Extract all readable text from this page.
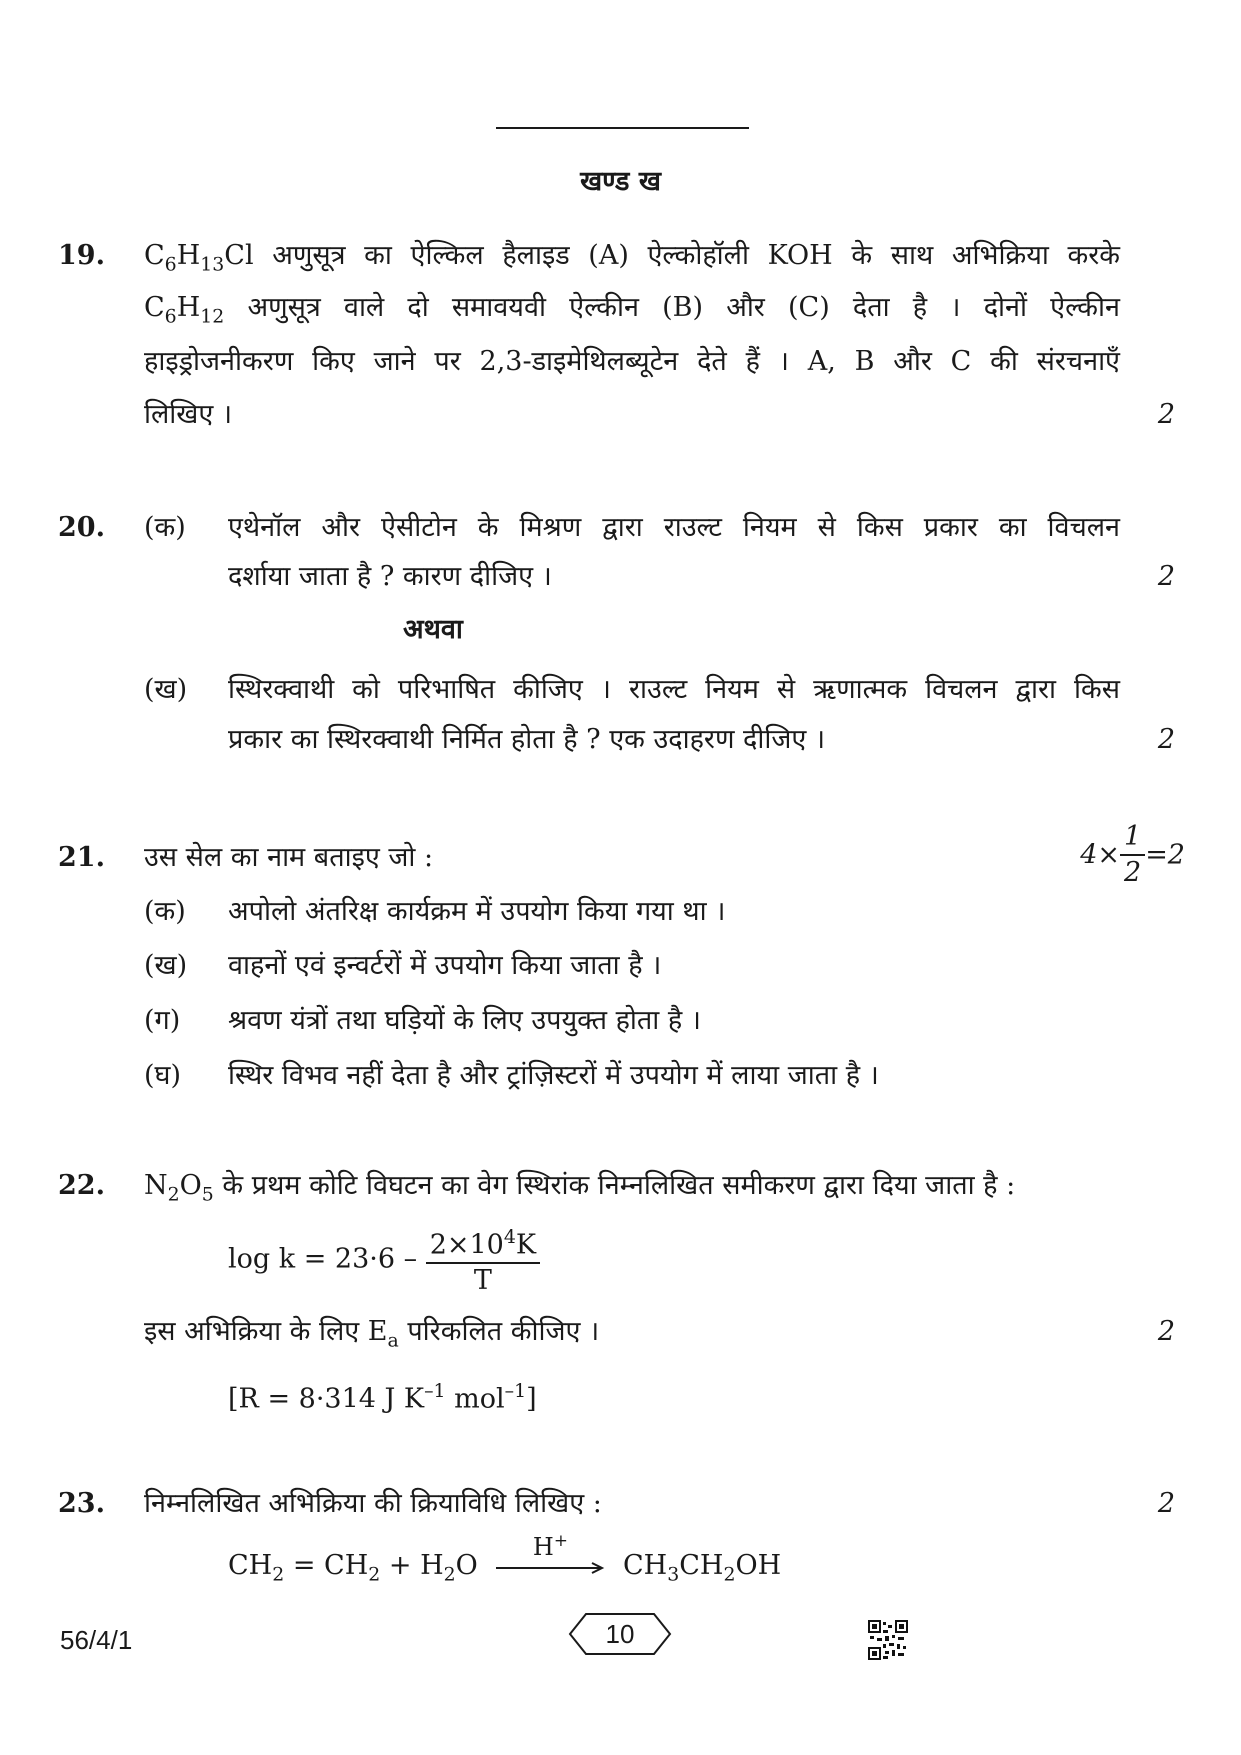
खण्ड ख
19. $C_6H_{13}Cl$ अणुसूत्र का ऐल्किल हैलाइड (A) ऐल्कोहॉली KOH के साथ अभिक्रिया करके
$C_6H_{12}$ अणुसूत्र वाले दो समावयवी ऐल्कीन (B) और (C) देता है । दोनों ऐल्कीन
हाइड्रोजनीकरण किए जाने पर 2,3-डाइमेथिलब्यूटेन देते हैं । A, B और C की संरचनाएँ
लिखिए ।	2
20. (क) एथेनॉल और ऐसीटोन के मिश्रण द्वारा राउल्ट नियम से किस प्रकार का विचलन
दर्शाया जाता है ? कारण दीजिए ।	2
अथवा
(ख) स्थिरक्वाथी को परिभाषित कीजिए । राउल्ट नियम से ऋणात्मक विचलन द्वारा किस
प्रकार का स्थिरक्वाथी निर्मित होता है ? एक उदाहरण दीजिए ।	2
21. उस सेल का नाम बताइए जो :	$4\times \frac{1}{2} =2$
(क) अपोलो अंतरिक्ष कार्यक्रम में उपयोग किया गया था ।
(ख) वाहनों एवं इन्वर्टरों में उपयोग किया जाता है ।
(ग) श्रवण यंत्रों तथा घड़ियों के लिए उपयुक्त होता है ।
(घ) स्थिर विभव नहीं देता है और ट्रांज़िस्टरों में उपयोग में लाया जाता है ।
22. $N_2O_5$ के प्रथम कोटि विघटन का वेग स्थिरांक निम्नलिखित समीकरण द्वारा दिया जाता है :
$\log k = 23\cdot 6 - \frac{2\times 10^4K}{T}$
इस अभिक्रिया के लिए $E_a$ परिकलित कीजिए ।	2
[R = 8·314 J $K^{-1}$ mol$^{-1}$]
23. निम्नलिखित अभिक्रिया की क्रियाविधि लिखिए :	2
$CH_2 = CH_2 + H_2O$
H+
$CH_3CH_2OH$
56/4/1	10
